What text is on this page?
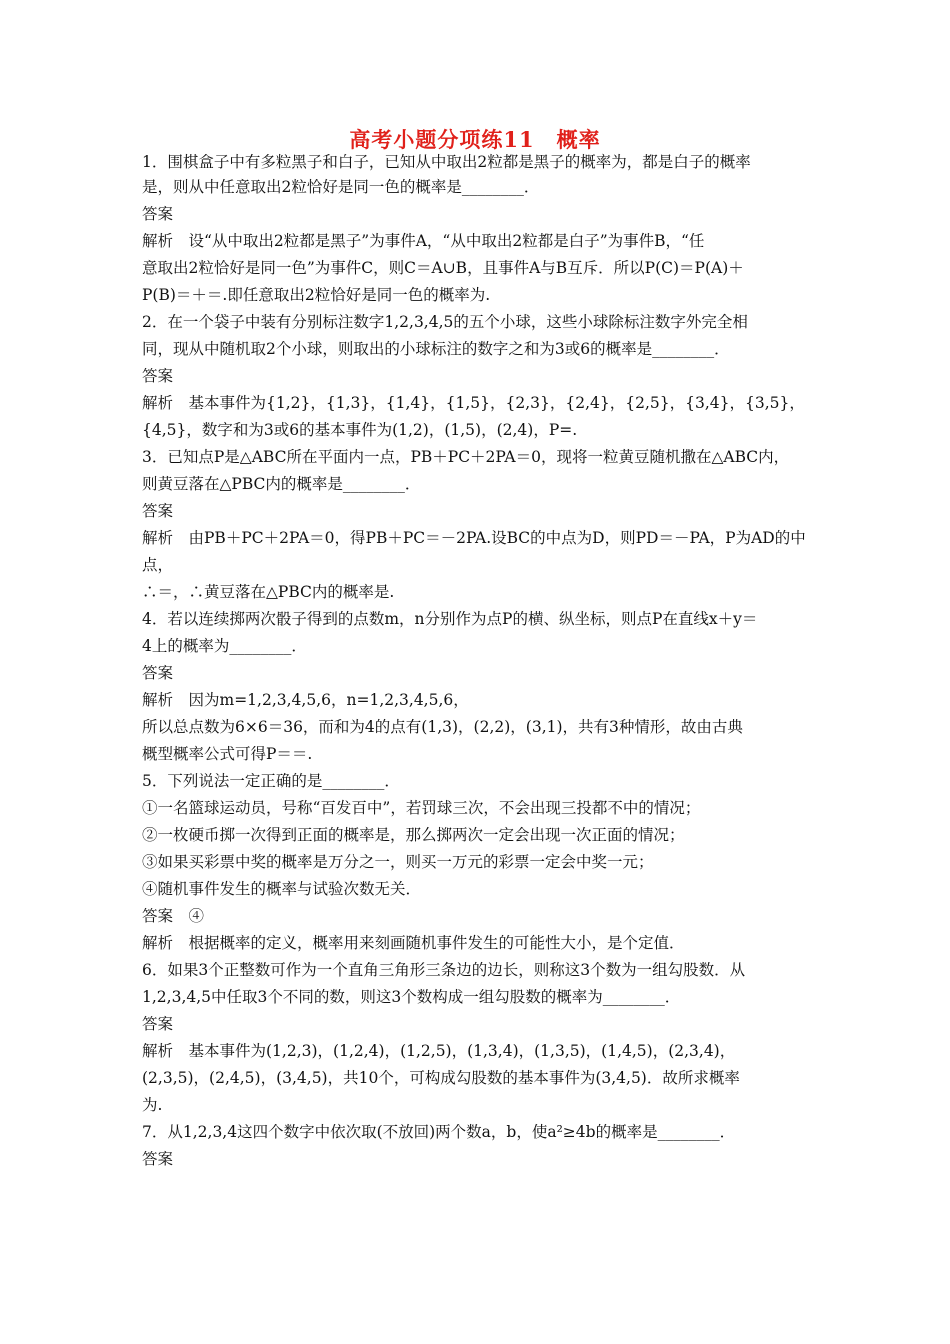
高考小题分项练11　概率
1．围棋盒子中有多粒黑子和白子，已知从中取出2粒都是黑子的概率为，都是白子的概率
是，则从中任意取出2粒恰好是同一色的概率是________．
答案
解析　设“从中取出2粒都是黑子”为事件A，“从中取出2粒都是白子”为事件B，“任
意取出2粒恰好是同一色”为事件C，则C＝A∪B，且事件A与B互斥．所以P(C)＝P(A)＋
P(B)＝＋＝.即任意取出2粒恰好是同一色的概率为.
2．在一个袋子中装有分别标注数字1,2,3,4,5的五个小球，这些小球除标注数字外完全相
同，现从中随机取2个小球，则取出的小球标注的数字之和为3或6的概率是________．
答案
解析　基本事件为{1,2}，{1,3}，{1,4}，{1,5}，{2,3}，{2,4}，{2,5}，{3,4}，{3,5}，
{4,5}，数字和为3或6的基本事件为(1,2)，(1,5)，(2,4)，P=.
3．已知点P是△ABC所在平面内一点，PB＋PC＋2PA＝0，现将一粒黄豆随机撒在△ABC内，
则黄豆落在△PBC内的概率是________．
答案
解析　由PB＋PC＋2PA＝0，得PB＋PC＝－2PA.设BC的中点为D，则PD＝－PA，P为AD的中
点，
∴＝，∴黄豆落在△PBC内的概率是.
4．若以连续掷两次骰子得到的点数m，n分别作为点P的横、纵坐标，则点P在直线x＋y＝
4上的概率为________．
答案
解析　因为m=1,2,3,4,5,6，n=1,2,3,4,5,6，
所以总点数为6×6＝36，而和为4的点有(1,3)，(2,2)，(3,1)，共有3种情形，故由古典
概型概率公式可得P＝＝.
5．下列说法一定正确的是________．
①一名篮球运动员，号称“百发百中”，若罚球三次，不会出现三投都不中的情况；
②一枚硬币掷一次得到正面的概率是，那么掷两次一定会出现一次正面的情况；
③如果买彩票中奖的概率是万分之一，则买一万元的彩票一定会中奖一元；
④随机事件发生的概率与试验次数无关．
答案　④
解析　根据概率的定义，概率用来刻画随机事件发生的可能性大小，是个定值．
6．如果3个正整数可作为一个直角三角形三条边的边长，则称这3个数为一组勾股数．从
1,2,3,4,5中任取3个不同的数，则这3个数构成一组勾股数的概率为________．
答案
解析　基本事件为(1,2,3)，(1,2,4)，(1,2,5)，(1,3,4)，(1,3,5)，(1,4,5)，(2,3,4)，
(2,3,5)，(2,4,5)，(3,4,5)，共10个，可构成勾股数的基本事件为(3,4,5)．故所求概率
为.
7．从1,2,3,4这四个数字中依次取(不放回)两个数a，b，使a²≥4b的概率是________．
答案
